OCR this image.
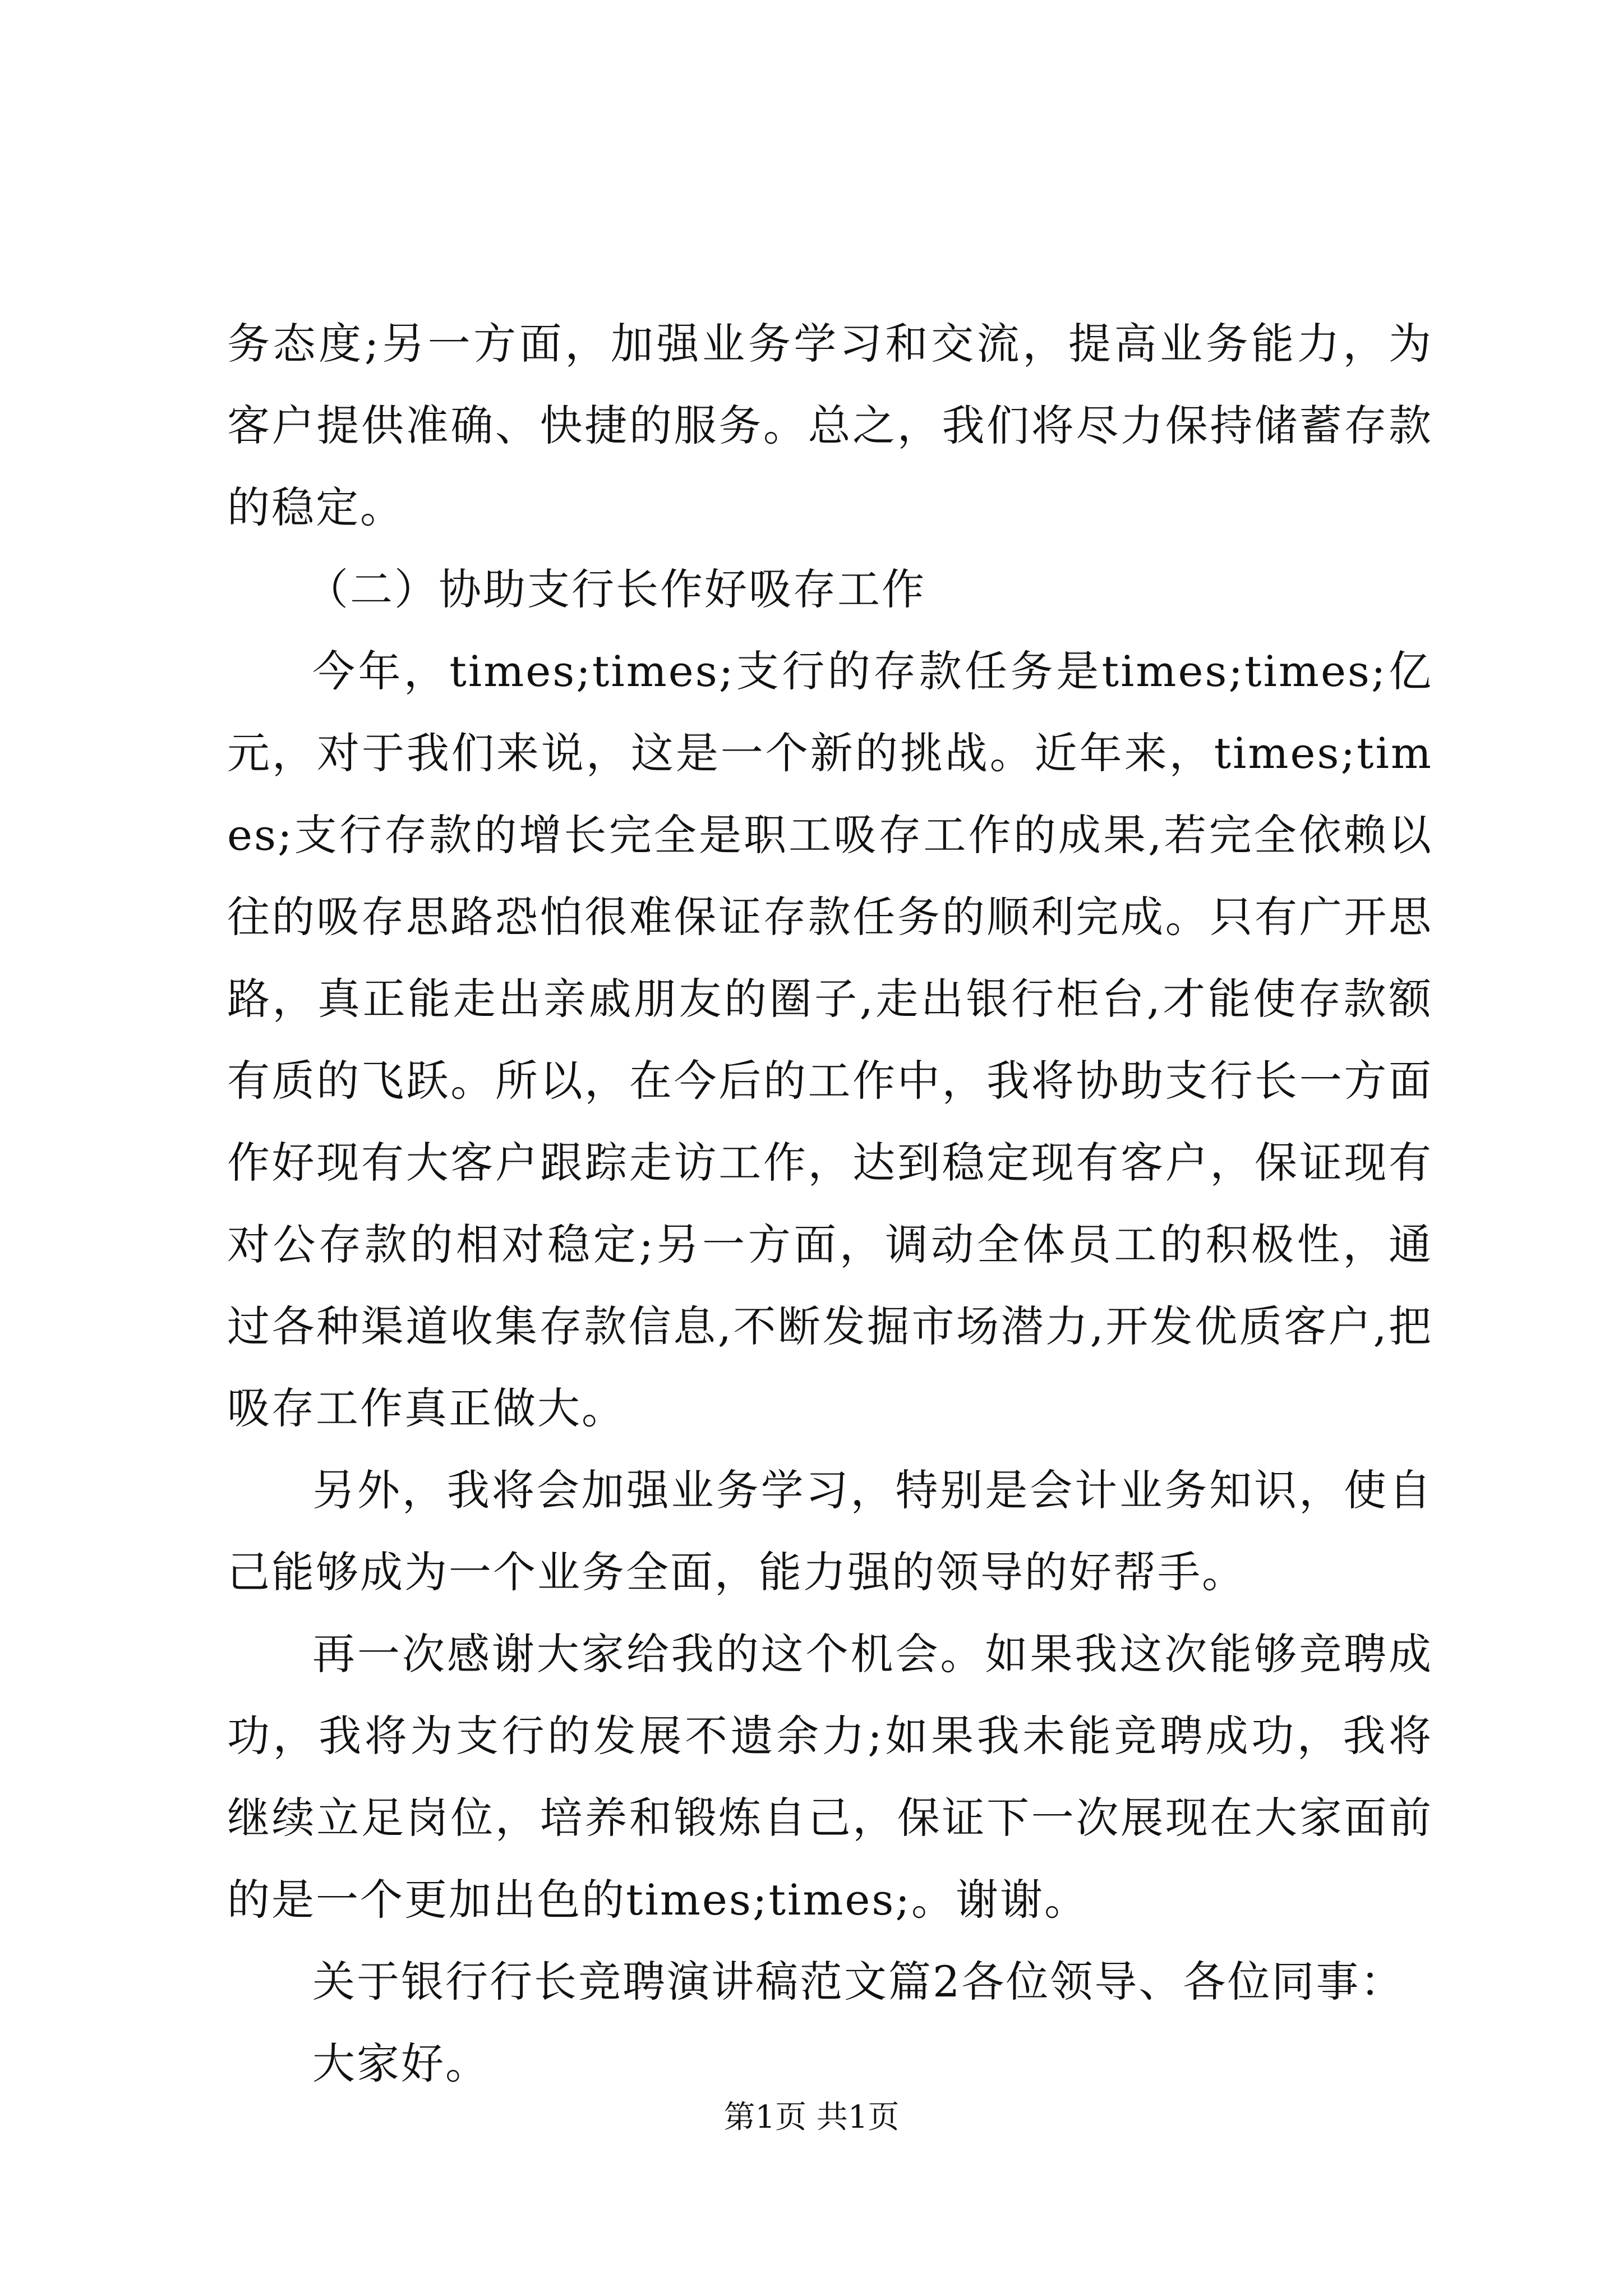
务态度;另一方面，加强业务学习和交流，提高业务能力，为客户提供准确、快捷的服务。总之，我们将尽力保持储蓄存款的稳定。

（二）协助支行长作好吸存工作

今年，times;times;支行的存款任务是times;times;亿元，对于我们来说，这是一个新的挑战。近年来，times;times;支行存款的增长完全是职工吸存工作的成果,若完全依赖以往的吸存思路恐怕很难保证存款任务的顺利完成。只有广开思路，真正能走出亲戚朋友的圈子,走出银行柜台,才能使存款额有质的飞跃。所以，在今后的工作中，我将协助支行长一方面作好现有大客户跟踪走访工作，达到稳定现有客户，保证现有对公存款的相对稳定;另一方面，调动全体员工的积极性，通过各种渠道收集存款信息,不断发掘市场潜力,开发优质客户,把吸存工作真正做大。

另外，我将会加强业务学习，特别是会计业务知识，使自己能够成为一个业务全面，能力强的领导的好帮手。

再一次感谢大家给我的这个机会。如果我这次能够竞聘成功，我将为支行的发展不遗余力;如果我未能竞聘成功，我将继续立足岗位，培养和锻炼自己，保证下一次展现在大家面前的是一个更加出色的times;times;。谢谢。

关于银行行长竞聘演讲稿范文篇2各位领导、各位同事：

大家好。

第1页 共1页
